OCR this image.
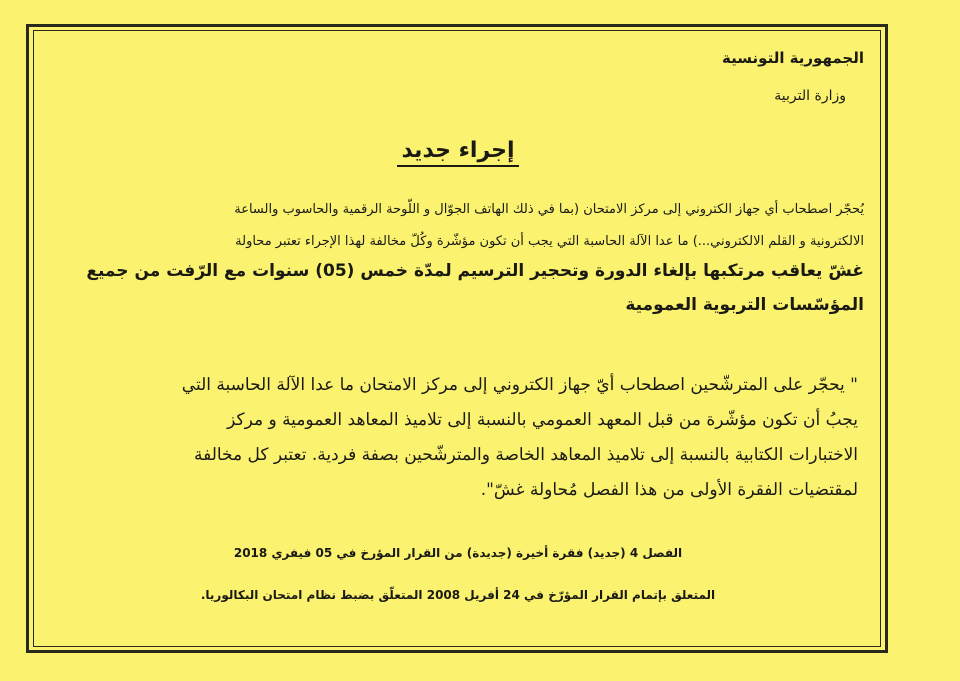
الجمهورية التونسية
وزارة التربية
إجراء جديد
يُحجّر اصطحاب أي جهاز الكتروني إلى مركز الامتحان (بما في ذلك الهاتف الجوّال و اللّوحة الرقمية والحاسوب والساعة
الالكترونية و القلم الالكتروني...) ما عدا الآلة الحاسبة التي يجب أن تكون مؤشّرة وكُلّ مخالفة لهذا الإجراء تعتبر محاولة
غشّ يعاقب مرتكبها بإلغاء الدورة وتحجير الترسيم لمدّة خمس (05) سنوات مع الرّفت من جميع
المؤسّسات التربوية العمومية
" يحجّر على المترشّحين اصطحاب أيّ جهاز الكتروني إلى مركز الامتحان ما عدا الآلة الحاسبة التي
يجبُ أن تكون مؤشّرة من قبل المعهد العمومي بالنسبة إلى تلاميذ المعاهد العمومية و مركز
الاختبارات الكتابية بالنسبة إلى تلاميذ المعاهد الخاصة والمترشّحين بصفة فردية. تعتبر كل مخالفة
لمقتضيات الفقرة الأولى من هذا الفصل مُحاولة غشّ".
الفصل 4 (جديد) فقرة أخيرة (جديدة) من القرار المؤرخ في 05 فيفري 2018
المتعلق بإتمام القرار المؤرّخ في 24 أفريل 2008 المتعلّق بضبط نظام امتحان البكالوريا.
